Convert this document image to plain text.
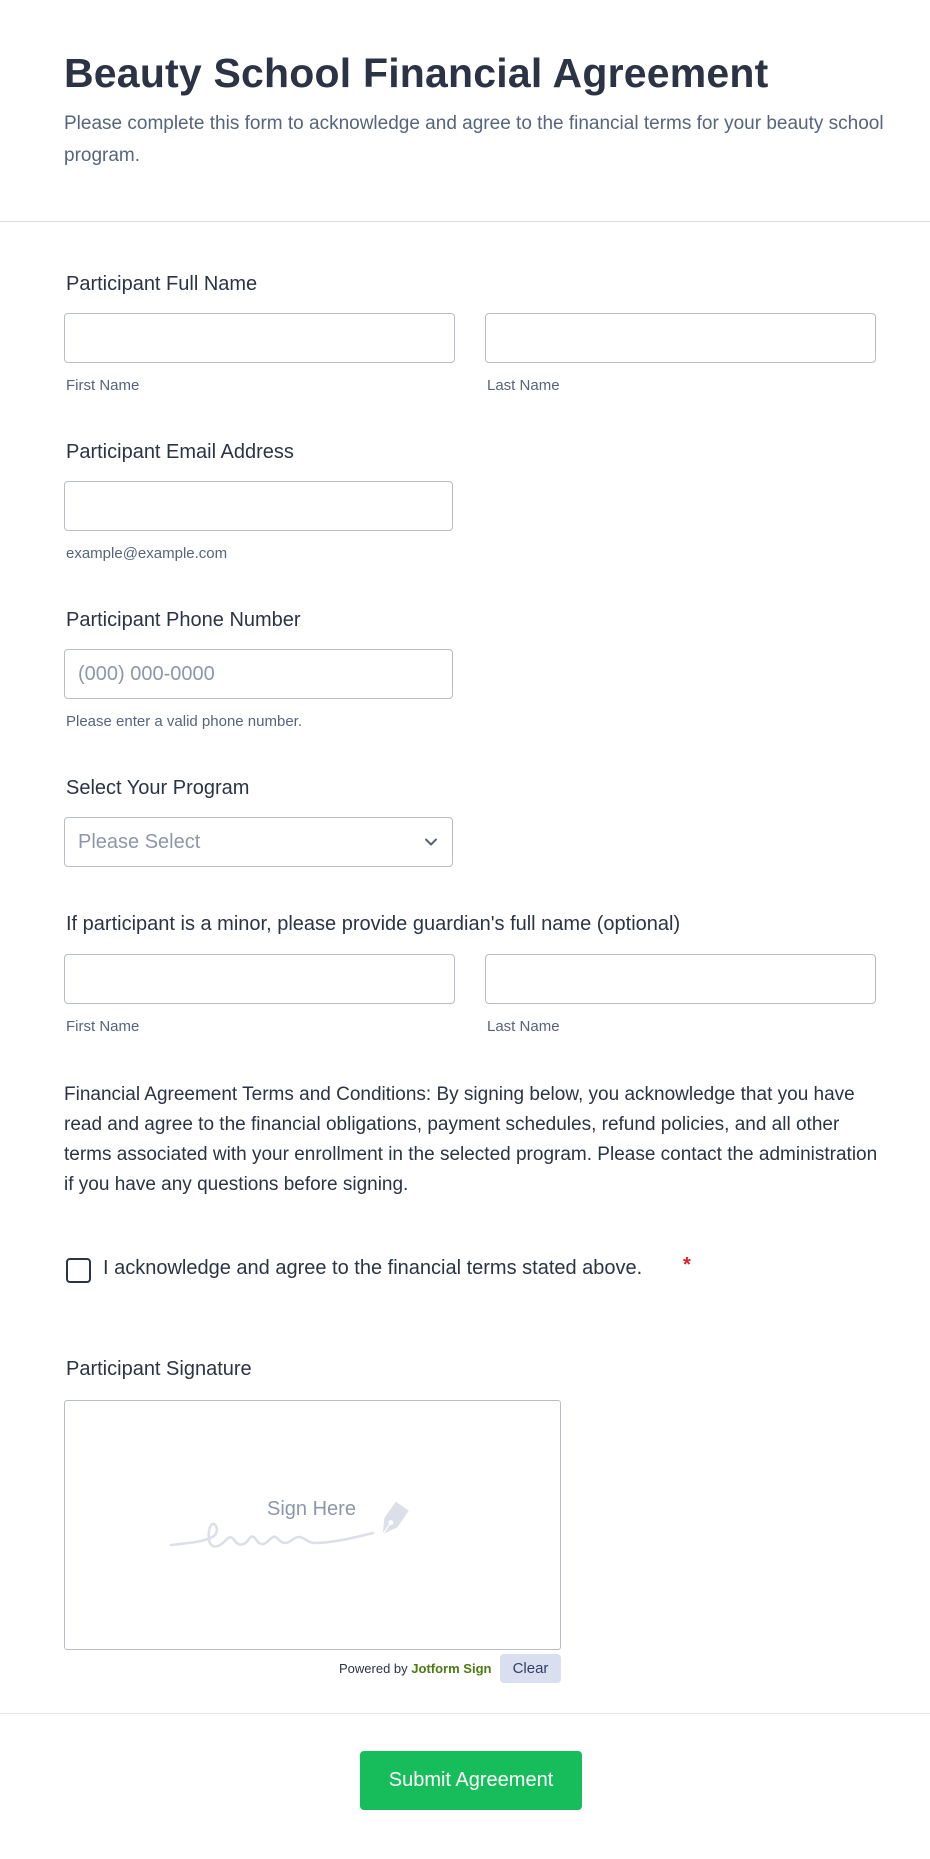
Beauty School Financial Agreement
Please complete this form to acknowledge and agree to the financial terms for your beauty school program.
Participant Full Name
First Name	Last Name
Participant Email Address
example@example.com
Participant Phone Number
(000) 000-0000
Please enter a valid phone number.
Select Your Program
Please Select
If participant is a minor, please provide guardian's full name (optional)
First Name	Last Name
Financial Agreement Terms and Conditions: By signing below, you acknowledge that you have read and agree to the financial obligations, payment schedules, refund policies, and all other terms associated with your enrollment in the selected program. Please contact the administration if you have any questions before signing.
I acknowledge and agree to the financial terms stated above. *
Participant Signature
Sign Here
Powered by Jotform Sign	Clear
Submit Agreement
